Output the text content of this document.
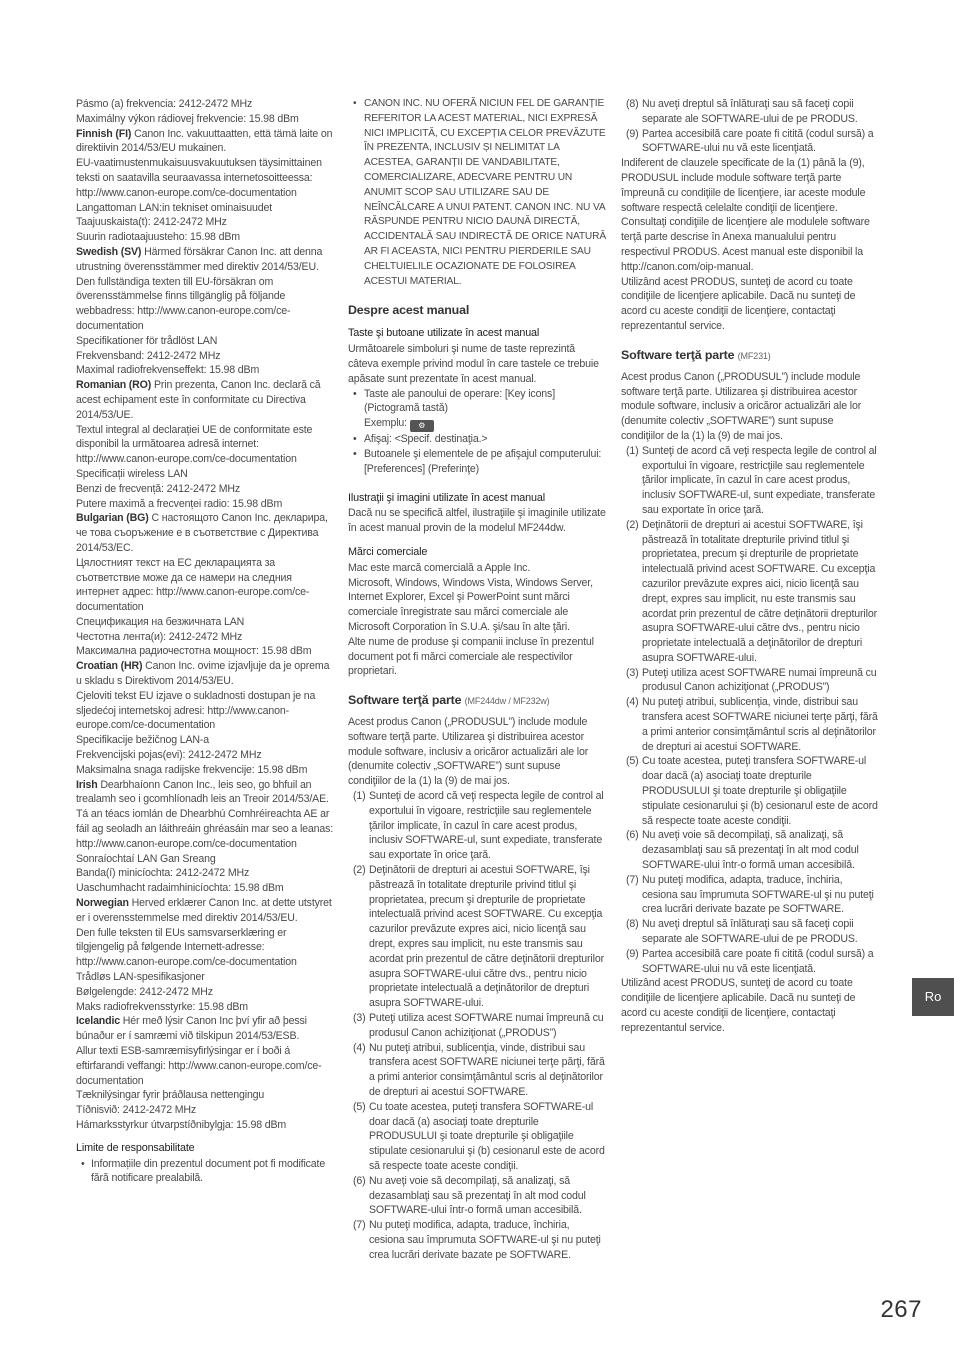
Pásmo (a) frekvencia: 2412-2472 MHz
Maximálny výkon rádiovej frekvencie: 15.98 dBm
Finnish (FI) Canon Inc. vakuuttaatten, että tämä laite on direktiivin 2014/53/EU mukainen.
EU-vaatimustenmukaisuusvakuutuksen täysimittainen teksti on saatavilla seuraavassa internetosoitteessa: http://www.canon-europe.com/ce-documentation
Langattoman LAN:in tekniset ominaisuudet
Taajuuskaista(t): 2412-2472 MHz
Suurin radiotaajuusteho: 15.98 dBm
Swedish (SV) Härmed försäkrar Canon Inc. att denna utrustning överensstämmer med direktiv 2014/53/EU.
Den fullständiga texten till EU-försäkran om överensstämmelse finns tillgänglig på följande webbadress: http://www.canon-europe.com/ce-documentation
Specifikationer för trådlöst LAN
Frekvensband: 2412-2472 MHz
Maximal radiofrekvenseffekt: 15.98 dBm
Romanian (RO) Prin prezenta, Canon Inc. declară că acest echipament este în conformitate cu Directiva 2014/53/UE.
Textul integral al declarației UE de conformitate este disponibil la următoarea adresă internet: http://www.canon-europe.com/ce-documentation
Specificații wireless LAN
Benzi de frecvență: 2412-2472 MHz
Putere maximă a frecvenței radio: 15.98 dBm
Bulgarian (BG) С настоящото Canon Inc. декларира, че това съоръжение е в съответствие с Директива 2014/53/ЕС.
Цялостният текст на ЕС декларацията за съответствие може да се намери на следния интернет адрес: http://www.canon-europe.com/ce-documentation
Спецификация на безжичната LAN
Честотна лента(и): 2412-2472 MHz
Максимална радиочестотна мощност: 15.98 dBm
Croatian (HR) Canon Inc. ovime izjavljuje da je oprema u skladu s Direktivom 2014/53/EU.
Cjeloviti tekst EU izjave o sukladnosti dostupan je na sljedećoj internetskoj adresi: http://www.canon-europe.com/ce-documentation
Specifikacije bežičnog LAN-a
Frekvencijski pojas(evi): 2412-2472 MHz
Maksimalna snaga radijske frekvencije: 15.98 dBm
Irish Dearbhaíonn Canon Inc., leis seo, go bhfuil an trealamh seo i gcomhlíonadh leis an Treoir 2014/53/AE.
Tá an téacs iomlán de Dhearbhú Comhréireachta AE ar fáil ag seoladh an láithreáin ghréasáin mar seo a leanas: http://www.canon-europe.com/ce-documentation
Sonraíochtaí LAN Gan Sreang
Banda(í) minicíochta: 2412-2472 MHz
Uaschumhacht radaimhinicíochta: 15.98 dBm
Norwegian Herved erklærer Canon Inc. at dette utstyret er i overensstemmelse med direktiv 2014/53/EU.
Den fulle teksten til EUs samsvarserklæring er tilgjengelig på følgende Internett-adresse: http://www.canon-europe.com/ce-documentation
Trådløs LAN-spesifikasjoner
Bølgelengde: 2412-2472 MHz
Maks radiofrekvensstyrke: 15.98 dBm
Icelandic Hér með lýsir Canon Inc því yfir að þessi búnaður er í samræmi við tilskipun 2014/53/ESB.
Allur texti ESB-samræmisyfirlýsingar er í boði á eftirfarandi veffangi: http://www.canon-europe.com/ce-documentation
Tæknilýsingar fyrir þráðlausa nettengingu
Tíðnisvið: 2412-2472 MHz
Hámarksstyrkur útvarpstíðnibylgja: 15.98 dBm
Limite de responsabilitate
• Informațiile din prezentul document pot fi modificate fără notificare prealabilă.
• CANON INC. NU OFERĂ NICIUN FEL DE GARANȚIE REFERITOR LA ACEST MATERIAL, NICI EXPRESĂ NICI IMPLICITĂ, CU EXCEPȚIA CELOR PREVĂZUTE ÎN PREZENTA, INCLUSIV ȘI NELIMITAT LA ACESTEA, GARANȚII DE VANDABILITATE, COMERCIALIZARE, ADECVARE PENTRU UN ANUMIT SCOP SAU UTILIZARE SAU DE NEÎNCĂLCARE A UNUI PATENT. CANON INC. NU VA RĂSPUNDE PENTRU NICIO DAUNĂ DIRECTĂ, ACCIDENTALĂ SAU INDIRECTĂ DE ORICE NATURĂ AR FI ACEASTA, NICI PENTRU PIERDERILE SAU CHELTUIELILE OCAZIONATE DE FOLOSIREA ACESTUI MATERIAL.
Despre acest manual
Taste şi butoane utilizate în acest manual
Următoarele simboluri şi nume de taste reprezintă câteva exemple privind modul în care tastele ce trebuie apăsate sunt prezentate în acest manual.
• Taste ale panoului de operare: [Key icons] (Pictogramă tastă)
Exemplu: ⚙
• Afişaj: <Specif. destinaţia.>
• Butoanele şi elementele de pe afişajul computerului: [Preferences] (Preferinţe)
Ilustraţii şi imagini utilizate în acest manual
Dacă nu se specifică altfel, ilustraţiile şi imaginile utilizate în acest manual provin de la modelul MF244dw.
Mărci comerciale
Mac este marcă comercială a Apple Inc.
Microsoft, Windows, Windows Vista, Windows Server, Internet Explorer, Excel şi PowerPoint sunt mărci comerciale înregistrate sau mărci comerciale ale Microsoft Corporation în S.U.A. şi/sau în alte ţări.
Alte nume de produse şi companii incluse în prezentul document pot fi mărci comerciale ale respectivilor proprietari.
Software terţă parte (MF244dw / MF232w)
Acest produs Canon („PRODUSUL”) include module software terţă parte. Utilizarea şi distribuirea acestor module software, inclusiv a oricăror actualizări ale lor (denumite colectiv „SOFTWARE”) sunt supuse condiţiilor de la (1) la (9) de mai jos.
(1) Sunteţi de acord că veţi respecta legile de control al exportului în vigoare, restricţiile sau reglementele ţărilor implicate, în cazul în care acest produs, inclusiv SOFTWARE-ul, sunt expediate, transferate sau exportate în orice ţară.
(2) Deţinătorii de drepturi ai acestui SOFTWARE, îşi păstrează în totalitate drepturile privind titlul şi proprietatea, precum şi drepturile de proprietate intelectuală privind acest SOFTWARE. Cu excepţia cazurilor prevăzute expres aici, nicio licenţă sau drept, expres sau implicit, nu este transmis sau acordat prin prezentul de către deţinătorii drepturilor asupra SOFTWARE-ului către dvs., pentru nicio proprietate intelectuală a deţinătorilor de drepturi asupra SOFTWARE-ului.
(3) Puteţi utiliza acest SOFTWARE numai împreună cu produsul Canon achiziţionat („PRODUS”)
(4) Nu puteţi atribui, sublicenţia, vinde, distribui sau transfera acest SOFTWARE niciunei terţe părţi, fără a primi anterior consimţământul scris al deţinătorilor de drepturi ai acestui SOFTWARE.
(5) Cu toate acestea, puteţi transfera SOFTWARE-ul doar dacă (a) asociaţi toate drepturile PRODUSULUI şi toate drepturile şi obligaţiile stipulate cesionarului şi (b) cesionarul este de acord să respecte toate aceste condiţii.
(6) Nu aveţi voie să decompilaţi, să analizaţi, să dezasamblaţi sau să prezentaţi în alt mod codul SOFTWARE-ului într-o formă uman accesibilă.
(7) Nu puteţi modifica, adapta, traduce, închiria, cesiona sau împrumuta SOFTWARE-ul şi nu puteţi crea lucrări derivate bazate pe SOFTWARE.
(8) Nu aveţi dreptul să înlăturaţi sau să faceţi copii separate ale SOFTWARE-ului de pe PRODUS.
(9) Partea accesibilă care poate fi citită (codul sursă) a SOFTWARE-ului nu vă este licenţiată.
Indiferent de clauzele specificate de la (1) până la (9), PRODUSUL include module software terţă parte împreună cu condiţiile de licenţiere, iar aceste module software respectă celelalte condiţii de licenţiere.
Consultaţi condiţiile de licenţiere ale modulele software terţă parte descrise în Anexa manualului pentru respectivul PRODUS. Acest manual este disponibil la http://canon.com/oip-manual.
Utilizând acest PRODUS, sunteţi de acord cu toate condiţiile de licenţiere aplicabile. Dacă nu sunteţi de acord cu aceste condiţii de licenţiere, contactaţi reprezentantul service.
Software terţă parte (MF231)
Acest produs Canon („PRODUSUL”) include module software terţă parte. Utilizarea şi distribuirea acestor module software, inclusiv a oricăror actualizări ale lor (denumite colectiv „SOFTWARE”) sunt supuse condiţiilor de la (1) la (9) de mai jos.
(1) Sunteţi de acord că veţi respecta legile de control al exportului în vigoare, restricţiile sau reglementele ţărilor implicate, în cazul în care acest produs, inclusiv SOFTWARE-ul, sunt expediate, transferate sau exportate în orice ţară.
(2) Deţinătorii de drepturi ai acestui SOFTWARE, îşi păstrează în totalitate drepturile privind titlul şi proprietatea, precum şi drepturile de proprietate intelectuală privind acest SOFTWARE. Cu excepţia cazurilor prevăzute expres aici, nicio licenţă sau drept, expres sau implicit, nu este transmis sau acordat prin prezentul de către deţinătorii drepturilor asupra SOFTWARE-ului către dvs., pentru nicio proprietate intelectuală a deţinătorilor de drepturi asupra SOFTWARE-ului.
(3) Puteţi utiliza acest SOFTWARE numai împreună cu produsul Canon achiziţionat („PRODUS”)
(4) Nu puteţi atribui, sublicenţia, vinde, distribui sau transfera acest SOFTWARE niciunei terţe părţi, fără a primi anterior consimţământul scris al deţinătorilor de drepturi ai acestui SOFTWARE.
(5) Cu toate acestea, puteţi transfera SOFTWARE-ul doar dacă (a) asociaţi toate drepturile PRODUSULUI şi toate drepturile şi obligaţiile stipulate cesionarului şi (b) cesionarul este de acord să respecte toate aceste condiţii.
(6) Nu aveţi voie să decompilaţi, să analizaţi, să dezasamblaţi sau să prezentaţi în alt mod codul SOFTWARE-ului într-o formă uman accesibilă.
(7) Nu puteţi modifica, adapta, traduce, închiria, cesiona sau împrumuta SOFTWARE-ul şi nu puteţi crea lucrări derivate bazate pe SOFTWARE.
(8) Nu aveţi dreptul să înlăturaţi sau să faceţi copii separate ale SOFTWARE-ului de pe PRODUS.
(9) Partea accesibilă care poate fi citită (codul sursă) a SOFTWARE-ului nu vă este licenţiată.
Utilizând acest PRODUS, sunteţi de acord cu toate condiţiile de licenţiere aplicabile. Dacă nu sunteţi de acord cu aceste condiţii de licenţiere, contactaţi reprezentantul service.
Ro
267
